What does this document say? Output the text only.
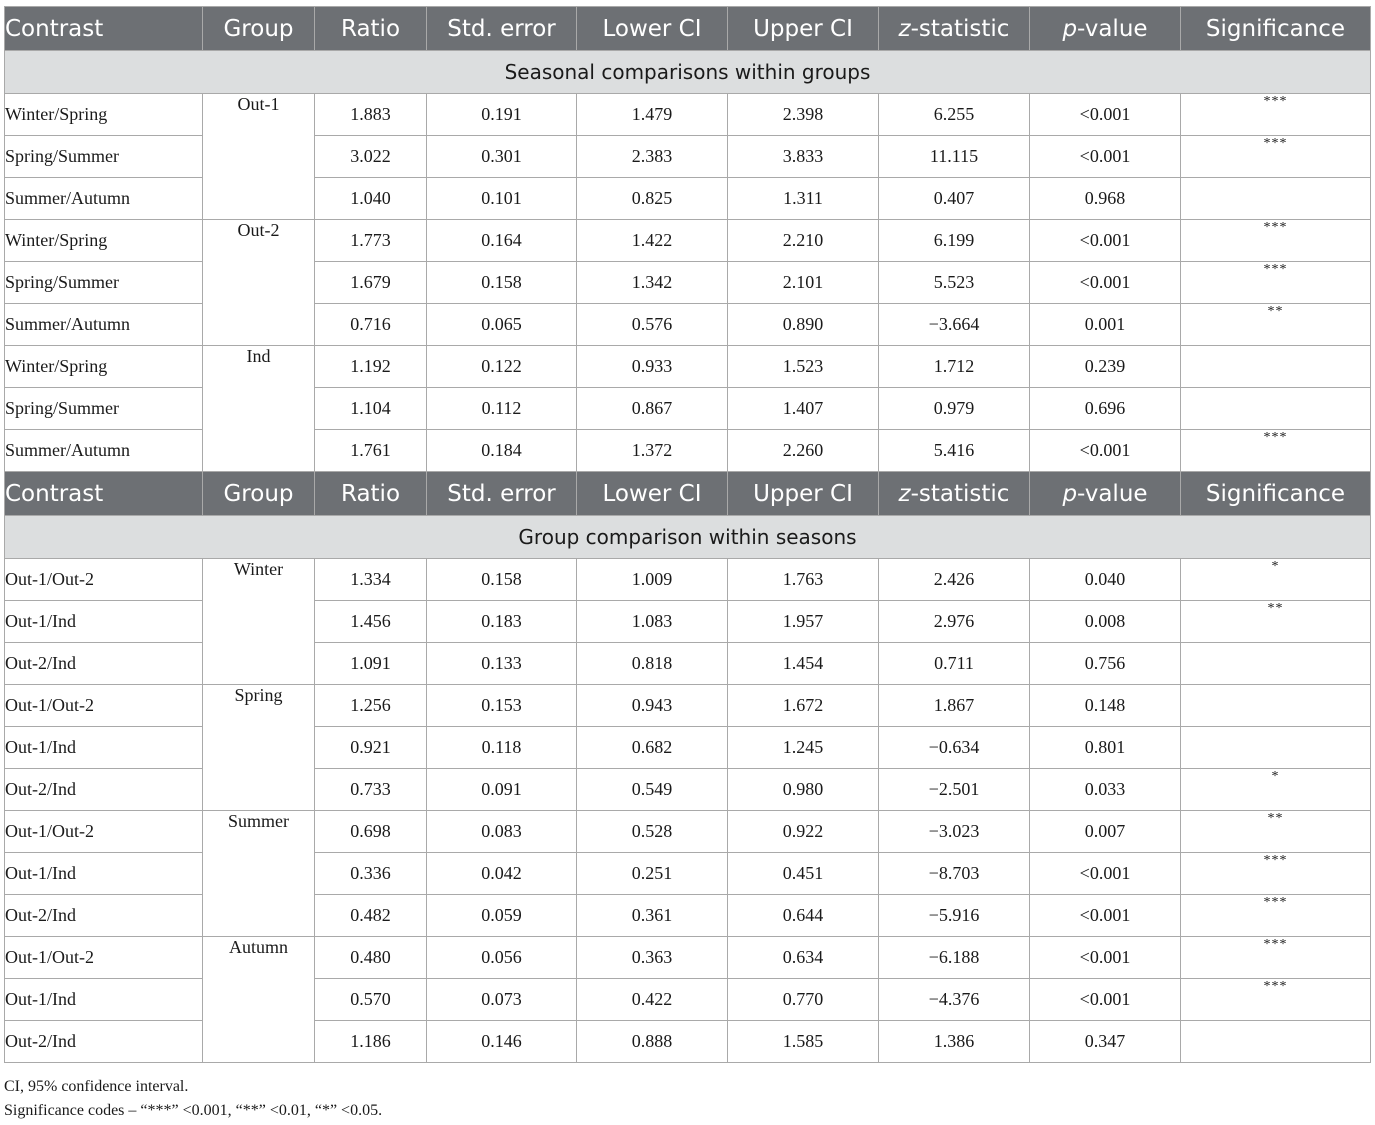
Contrast	Group	Ratio	Std. error	Lower CI	Upper CI	z-statistic	p-value	Significance
Seasonal comparisons within groups								
Winter/Spring	Out-1	1.883	0.191	1.479	2.398	6.255	<0.001	***
Spring/Summer		3.022	0.301	2.383	3.833	11.115	<0.001	***
Summer/Autumn		1.040	0.101	0.825	1.311	0.407	0.968	
Winter/Spring	Out-2	1.773	0.164	1.422	2.210	6.199	<0.001	***
Spring/Summer		1.679	0.158	1.342	2.101	5.523	<0.001	***
Summer/Autumn		0.716	0.065	0.576	0.890	−3.664	0.001	**
Winter/Spring	Ind	1.192	0.122	0.933	1.523	1.712	0.239	
Spring/Summer		1.104	0.112	0.867	1.407	0.979	0.696	
Summer/Autumn		1.761	0.184	1.372	2.260	5.416	<0.001	***
Contrast	Group	Ratio	Std. error	Lower CI	Upper CI	z-statistic	p-value	Significance
Group comparison within seasons								
Out-1/Out-2	Winter	1.334	0.158	1.009	1.763	2.426	0.040	*
Out-1/Ind		1.456	0.183	1.083	1.957	2.976	0.008	**
Out-2/Ind		1.091	0.133	0.818	1.454	0.711	0.756	
Out-1/Out-2	Spring	1.256	0.153	0.943	1.672	1.867	0.148	
Out-1/Ind		0.921	0.118	0.682	1.245	−0.634	0.801	
Out-2/Ind		0.733	0.091	0.549	0.980	−2.501	0.033	*
Out-1/Out-2	Summer	0.698	0.083	0.528	0.922	−3.023	0.007	**
Out-1/Ind		0.336	0.042	0.251	0.451	−8.703	<0.001	***
Out-2/Ind		0.482	0.059	0.361	0.644	−5.916	<0.001	***
Out-1/Out-2	Autumn	0.480	0.056	0.363	0.634	−6.188	<0.001	***
Out-1/Ind		0.570	0.073	0.422	0.770	−4.376	<0.001	***
Out-2/Ind		1.186	0.146	0.888	1.585	1.386	0.347	
CI, 95% confidence interval.
Significance codes – “***” <0.001, “**” <0.01, “*” <0.05.
